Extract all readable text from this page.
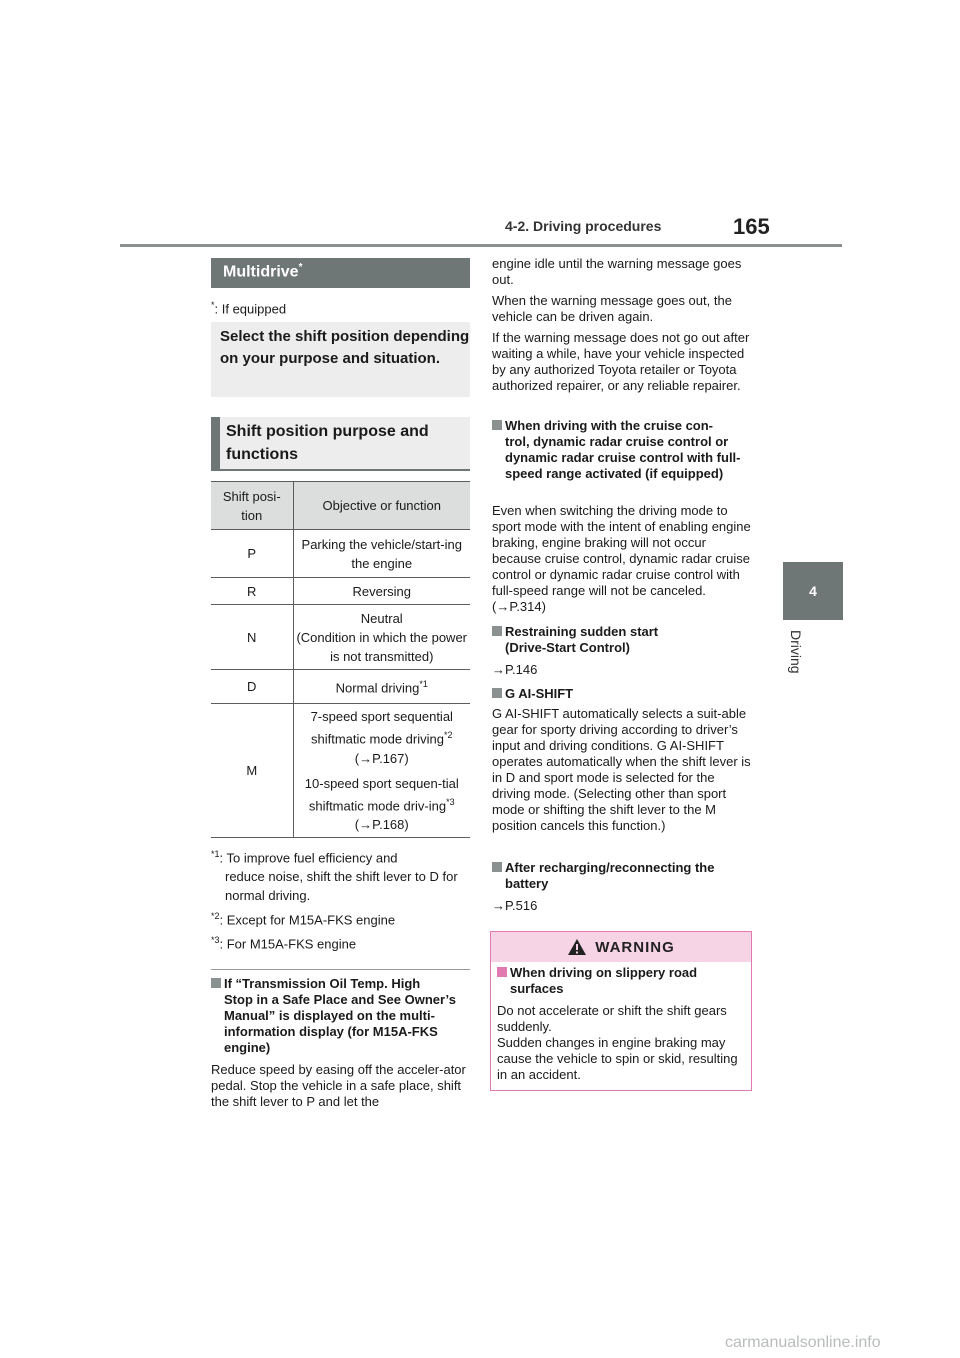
4-2. Driving procedures	165
4
Driving
Multidrive*
*: If equipped
Select the shift position depending on your purpose and situation.
Shift position purpose and functions
Shift posi-tion	Objective or function
P	Parking the vehicle/start-ing the engine
R	Reversing
N	Neutral
(Condition in which the power is not transmitted)

D	Normal driving$^{*1}$
M	7-speed sport sequential shiftmatic mode driving$^{*2}$
(→P.167)
10-speed sport sequen-tial shiftmatic mode driv-ing$^{*3}$ (→P.168)
$^{*1}$: To improve fuel efficiency and
reduce noise, shift the shift lever to D for normal driving.
$^{*2}$: Except for M15A-FKS engine
$^{*3}$: For M15A-FKS engine
If “Transmission Oil Temp. High
Stop in a Safe Place and See Owner’s Manual” is displayed on the multi-information display (for M15A-FKS engine)
Reduce speed by easing off the acceler-ator pedal. Stop the vehicle in a safe place, shift the shift lever to P and let the
engine idle until the warning message goes out.
When the warning message goes out, the vehicle can be driven again.
If the warning message does not go out after waiting a while, have your vehicle inspected by any authorized Toyota retailer or Toyota authorized repairer, or any reliable repairer.
When driving with the cruise con-
trol, dynamic radar cruise control or dynamic radar cruise control with full-speed range activated (if equipped)
Even when switching the driving mode to sport mode with the intent of enabling engine braking, engine braking will not occur because cruise control, dynamic radar cruise control or dynamic radar cruise control with full-speed range will not be canceled. (→P.314)
Restraining sudden start
(Drive-Start Control)
→P.146
G AI-SHIFT
G AI-SHIFT automatically selects a suit-able gear for sporty driving according to driver’s input and driving conditions. G AI-SHIFT operates automatically when the shift lever is in D and sport mode is selected for the driving mode. (Selecting other than sport mode or shifting the shift lever to the M position cancels this function.)
After recharging/reconnecting the
battery
→P.516
WARNING
When driving on slippery road
surfaces
Do not accelerate or shift the shift gears suddenly.
Sudden changes in engine braking may cause the vehicle to spin or skid, resulting in an accident.
carmanualsonline.info
